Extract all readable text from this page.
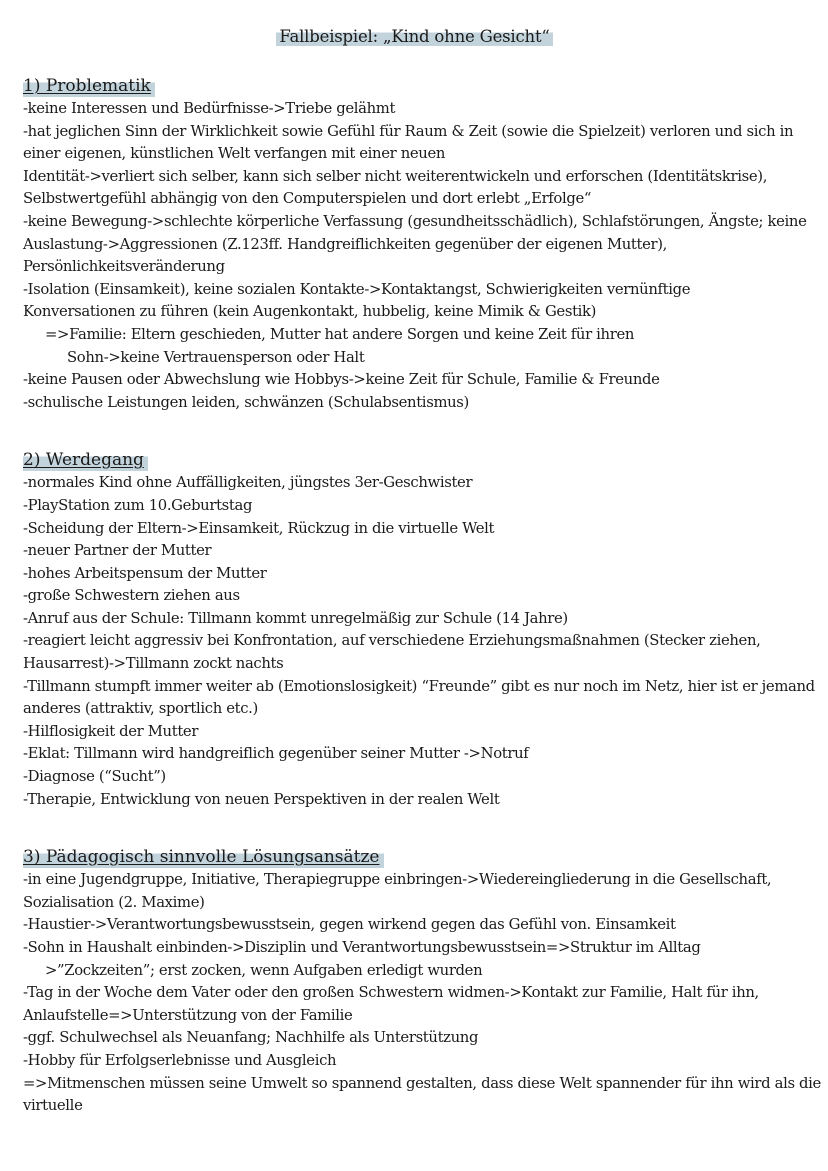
Fallbeispiel: „Kind ohne Gesicht“
1) Problematik
-keine Interessen und Bedürfnisse->Triebe gelähmt
-hat jeglichen Sinn der Wirklichkeit sowie Gefühl für Raum & Zeit (sowie die Spielzeit) verloren und sich in
einer eigenen, künstlichen Welt verfangen mit einer neuen
Identität->verliert sich selber, kann sich selber nicht weiterentwickeln und erforschen (Identitätskrise),
Selbstwertgefühl abhängig von den Computerspielen und dort erlebt „Erfolge“
-keine Bewegung->schlechte körperliche Verfassung (gesundheitsschädlich), Schlafstörungen, Ängste; keine
Auslastung->Aggressionen (Z.123ff. Handgreiflichkeiten gegenüber der eigenen Mutter),
Persönlichkeitsveränderung
-Isolation (Einsamkeit), keine sozialen Kontakte->Kontaktangst, Schwierigkeiten vernünftige
Konversationen zu führen (kein Augenkontakt, hubbelig, keine Mimik & Gestik)
=>Familie: Eltern geschieden, Mutter hat andere Sorgen und keine Zeit für ihren
Sohn->keine Vertrauensperson oder Halt
-keine Pausen oder Abwechslung wie Hobbys->keine Zeit für Schule, Familie & Freunde
-schulische Leistungen leiden, schwänzen (Schulabsentismus)
2) Werdegang
-normales Kind ohne Auffälligkeiten, jüngstes 3er-Geschwister
-PlayStation zum 10.Geburtstag
-Scheidung der Eltern->Einsamkeit, Rückzug in die virtuelle Welt
-neuer Partner der Mutter
-hohes Arbeitspensum der Mutter
-große Schwestern ziehen aus
-Anruf aus der Schule: Tillmann kommt unregelmäßig zur Schule (14 Jahre)
-reagiert leicht aggressiv bei Konfrontation, auf verschiedene Erziehungsmaßnahmen (Stecker ziehen,
Hausarrest)->Tillmann zockt nachts
-Tillmann stumpft immer weiter ab (Emotionslosigkeit) “Freunde” gibt es nur noch im Netz, hier ist er jemand
anderes (attraktiv, sportlich etc.)
-Hilflosigkeit der Mutter
-Eklat: Tillmann wird handgreiflich gegenüber seiner Mutter ->Notruf
-Diagnose (“Sucht”)
-Therapie, Entwicklung von neuen Perspektiven in der realen Welt
3) Pädagogisch sinnvolle Lösungsansätze
-in eine Jugendgruppe, Initiative, Therapiegruppe einbringen->Wiedereingliederung in die Gesellschaft,
Sozialisation (2. Maxime)
-Haustier->Verantwortungsbewusstsein, gegen wirkend gegen das Gefühl von. Einsamkeit
-Sohn in Haushalt einbinden->Disziplin und Verantwortungsbewusstsein=>Struktur im Alltag
>”Zockzeiten”; erst zocken, wenn Aufgaben erledigt wurden
-Tag in der Woche dem Vater oder den großen Schwestern widmen->Kontakt zur Familie, Halt für ihn,
Anlaufstelle=>Unterstützung von der Familie
-ggf. Schulwechsel als Neuanfang; Nachhilfe als Unterstützung
-Hobby für Erfolgserlebnisse und Ausgleich
=>Mitmenschen müssen seine Umwelt so spannend gestalten, dass diese Welt spannender für ihn wird als die
virtuelle
